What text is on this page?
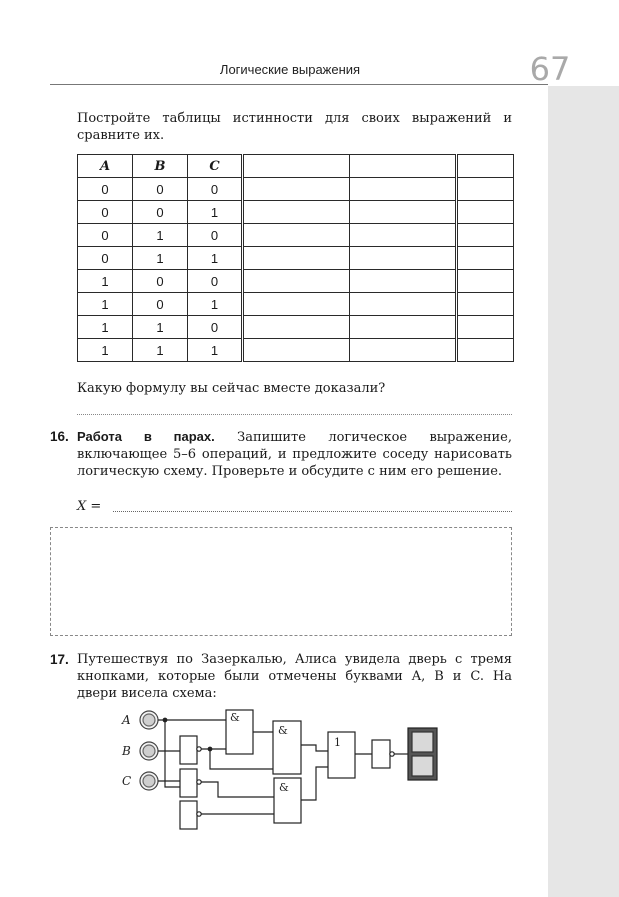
67
Логические выражения

Постройте таблицы истинности для своих выражений и сравните их.

A	B	C			
0	0	0			
0	0	1			
0	1	0			
0	1	1			
1	0	0			
1	0	1			
1	1	0			
1	1	1			

Какую формулу вы сейчас вместе доказали?

16. Работа в парах. Запишите логическое выражение, включающее 5–6 операций, и предложите соседу нарисовать логическую схему. Проверьте и обсудите с ним его решение.

X =
17. Путешествуя по Зазеркалью, Алиса увидела дверь с тремя кнопками, которые были отмечены буквами A, B и C. На двери висела схема:

A
B
C
&
&
&
1
